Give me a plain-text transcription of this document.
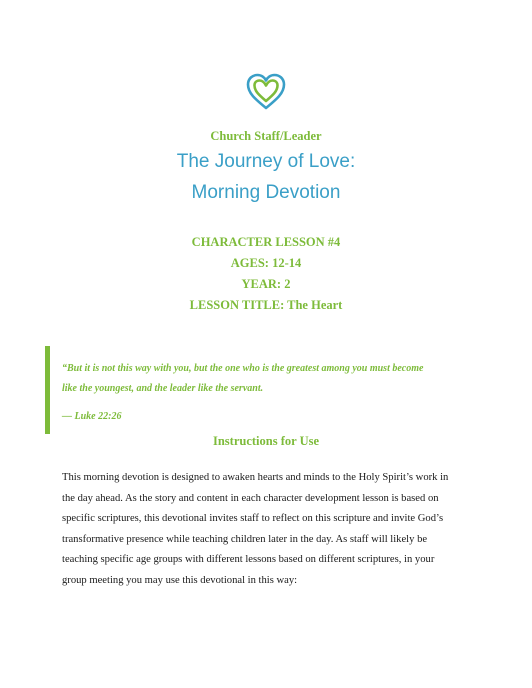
Church Staff/Leader
The Journey of Love:
Morning Devotion
CHARACTER LESSON #4
AGES: 12-14
YEAR: 2
LESSON TITLE: The Heart
“But it is not this way with you, but the one who is the greatest among you must become
like the youngest, and the leader like the servant.
— Luke 22:26
Instructions for Use
This morning devotion is designed to awaken hearts and minds to the Holy Spirit’s work in
the day ahead. As the story and content in each character development lesson is based on
specific scriptures, this devotional invites staff to reflect on this scripture and invite God’s
transformative presence while teaching children later in the day. As staff will likely be
teaching specific age groups with different lessons based on different scriptures, in your
group meeting you may use this devotional in this way:
